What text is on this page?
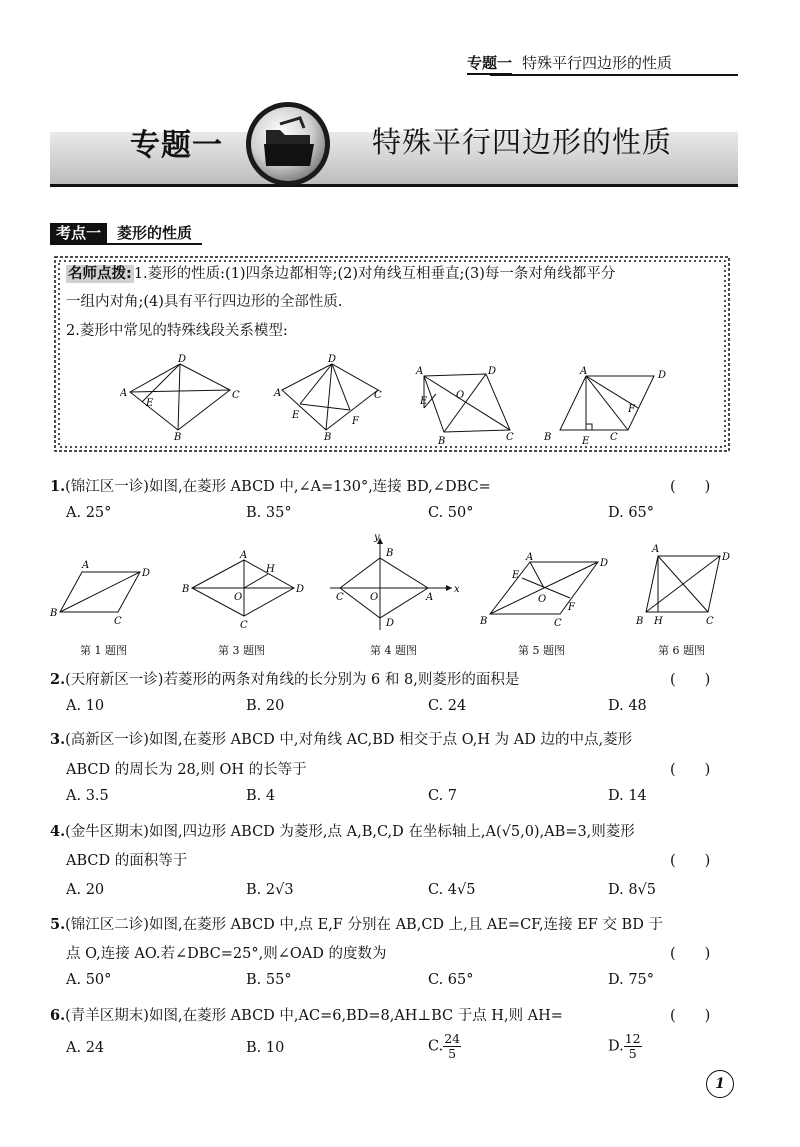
专题一 特殊平行四边形的性质
专题一	特殊平行四边形的性质
考点一 菱形的性质
名师点拨: 1.菱形的性质:(1)四条边都相等;(2)对角线互相垂直;(3)每一条对角线都平分
一组内对角;(4)具有平行四边形的全部性质.
2.菱形中常见的特殊线段关系模型:
D
A
E
C
B
A
D
C
E
F
B
A	D
E
O
B	C
A	D
F
B	E C
1.(锦江区一诊)如图,在菱形 ABCD 中,∠A=130°,连接 BD,∠DBC=	(　　)
A. 25°	B. 35°	C. 50°	D. 65°
A
D
B
C
A
H
B	D
O
C
y
x
B
C	O	A
D
A
D
E
O
F
B	C
A
D
B H	C
第 1 题图	第 3 题图	第 4 题图	第 5 题图	第 6 题图
2.(天府新区一诊)若菱形的两条对角线的长分别为 6 和 8,则菱形的面积是	(　　)
A. 10	B. 20	C. 24	D. 48
3.(高新区一诊)如图,在菱形 ABCD 中,对角线 AC,BD 相交于点 O,H 为 AD 边的中点,菱形
ABCD 的周长为 28,则 OH 的长等于	(　　)
A. 3.5	B. 4	C. 7	D. 14
4.(金牛区期末)如图,四边形 ABCD 为菱形,点 A,B,C,D 在坐标轴上,A(√5,0),AB=3,则菱形
ABCD 的面积等于	(　　)
A. 20	B. 2√3	C. 4√5	D. 8√5
5.(锦江区二诊)如图,在菱形 ABCD 中,点 E,F 分别在 AB,CD 上,且 AE=CF,连接 EF 交 BD 于
点 O,连接 AO.若∠DBC=25°,则∠OAD 的度数为	(　　)
A. 50°	B. 55°	C. 65°	D. 75°
6.(青羊区期末)如图,在菱形 ABCD 中,AC=6,BD=8,AH⊥BC 于点 H,则 AH=	(　　)
A. 24	B. 10	C. $\frac{24}{5}$	D. $\frac{12}{5}$
1
